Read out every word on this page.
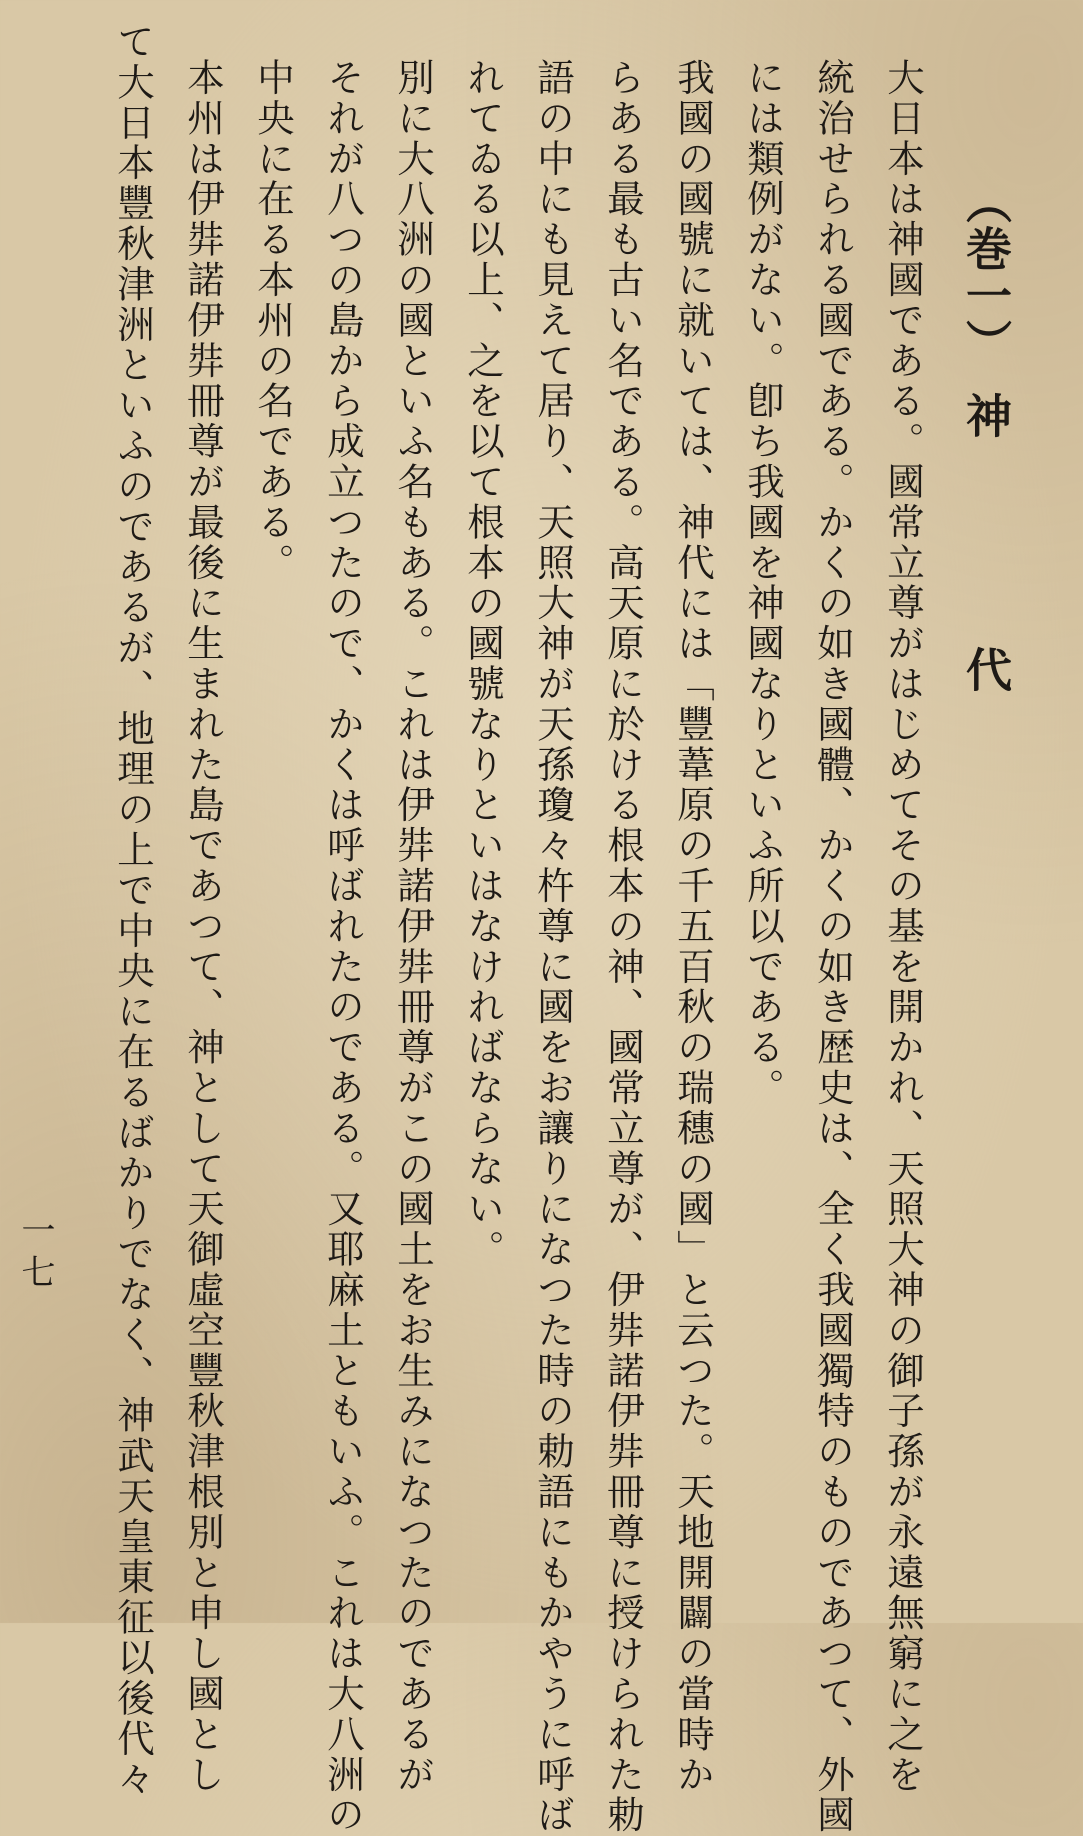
（巻一）神代
大日本は神國である。國常立尊がはじめてその基を開かれ、天照大神の御子孫が永遠無窮に之を
統治せられる國である。かくの如き國體、かくの如き歴史は、全く我國獨特のものであつて、外國
には類例がない。卽ち我國を神國なりといふ所以である。
我國の國號に就いては、神代には「豐葦原の千五百秋の瑞穗の國」と云つた。天地開闢の當時か
らある最も古い名である。高天原に於ける根本の神、國常立尊が、伊弉諾伊弉冊尊に授けられた勅
語の中にも見えて居り、天照大神が天孫瓊々杵尊に國をお讓りになつた時の勅語にもかやうに呼ば
れてゐる以上、之を以て根本の國號なりといはなければならない。
別に大八洲の國といふ名もある。これは伊弉諾伊弉冊尊がこの國土をお生みになつたのであるが
それが八つの島から成立つたので、かくは呼ばれたのである。又耶麻土ともいふ。これは大八洲の
中央に在る本州の名である。
本州は伊弉諾伊弉冊尊が最後に生まれた島であつて、神として天御虛空豐秋津根別と申し國とし
て大日本豐秋津洲といふのであるが、地理の上で中央に在るばかりでなく、神武天皇東征以後代々
一七
